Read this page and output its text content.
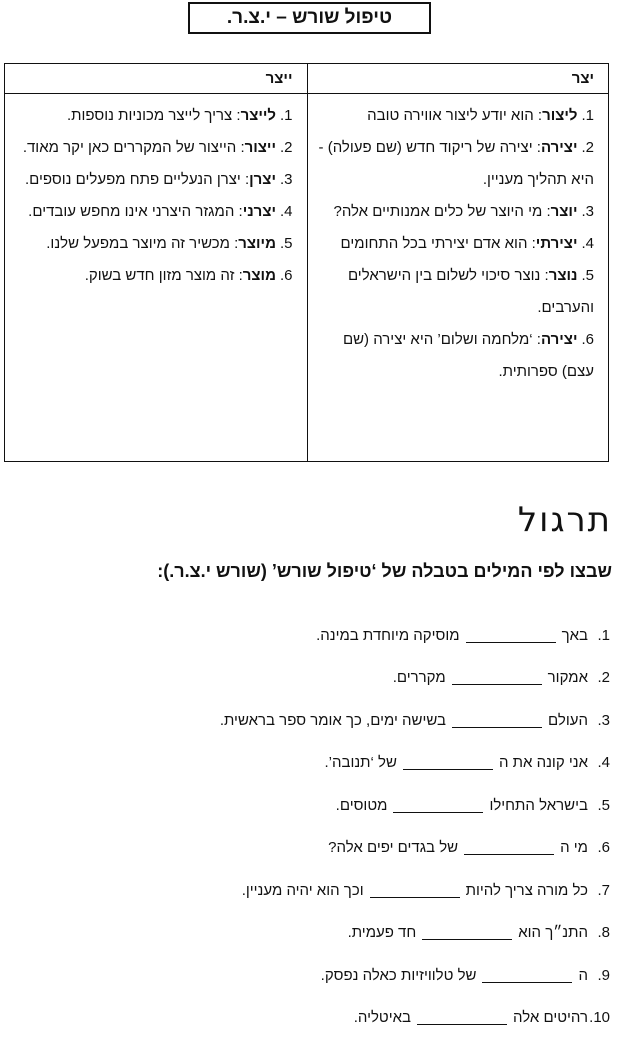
טיפול שורש – י.צ.ר.
יצר
1.ליצור: הוא יודע ליצור אווירה טובה
2.יצירה: יצירה של ריקוד חדש (שם פעולה) - היא תהליך מעניין.
3.יוצר: מי היוצר של כלים אמנותיים אלה?
4.יצירתי: הוא אדם יצירתי בכל התחומים
5.נוצר: נוצר סיכוי לשלום בין הישראלים והערבים.
6.יצירה: ‘מלחמה ושלום’ היא יצירה (שם עצם) ספרותית.
ייצר
1.לייצר: צריך לייצר מכוניות נוספות.
2.ייצור: הייצור של המקררים כאן יקר מאוד.
3.יצרן: יצרן הנעליים פתח מפעלים נוספים.
4.יצרני: המגזר היצרני אינו מחפש עובדים.
5.מיוצר: מכשיר זה מיוצר במפעל שלנו.
6.מוצר: זה מוצר מזון חדש בשוק.
תרגול
שבצו לפי המילים בטבלה של ‘טיפול שורש’ (שורש י.צ.ר.):
1.
באך
מוסיקה מיוחדת במינה.
2.
אמקור
מקררים.
3.
העולם
בשישה ימים, כך אומר ספר בראשית.
4.
אני קונה את ה
של ‘תנובה’.
5.
בישראל התחילו
מטוסים.
6.
מי ה
של בגדים יפים אלה?
7.
כל מורה צריך להיות
וכך הוא יהיה מעניין.
8.
התנ״ך הוא
חד פעמית.
9.
ה
של טלוויזיות כאלה נפסק.
10.
רהיטים אלה
באיטליה.
